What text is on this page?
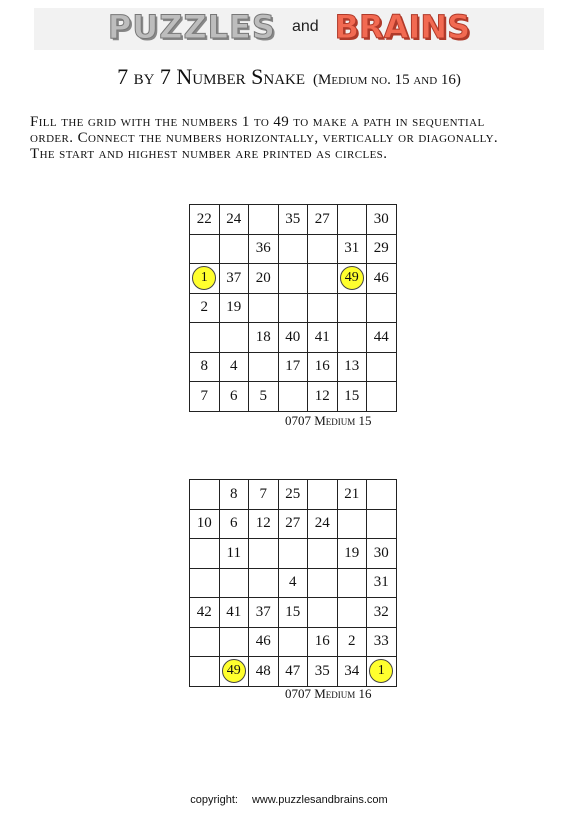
PUZZLES and BRAINS
7 by 7 Number Snake (Medium no. 15 and 16)
Fill the grid with the numbers 1 to 49 to make a path in sequential
order. Connect the numbers horizontally, vertically or diagonally.
The start and highest number are printed as circles.
22	24		35	27		30
		36			31	29
1	37	20			49	46
2	19					
		18	40	41		44
8	4		17	16	13	
7	6	5		12	15	
0707 Medium 15
	8	7	25		21	
10	6	12	27	24		
	11				19	30
			4			31
42	41	37	15			32
		46		16	2	33
	49	48	47	35	34	1
0707 Medium 16
copyright: www.puzzlesandbrains.com
